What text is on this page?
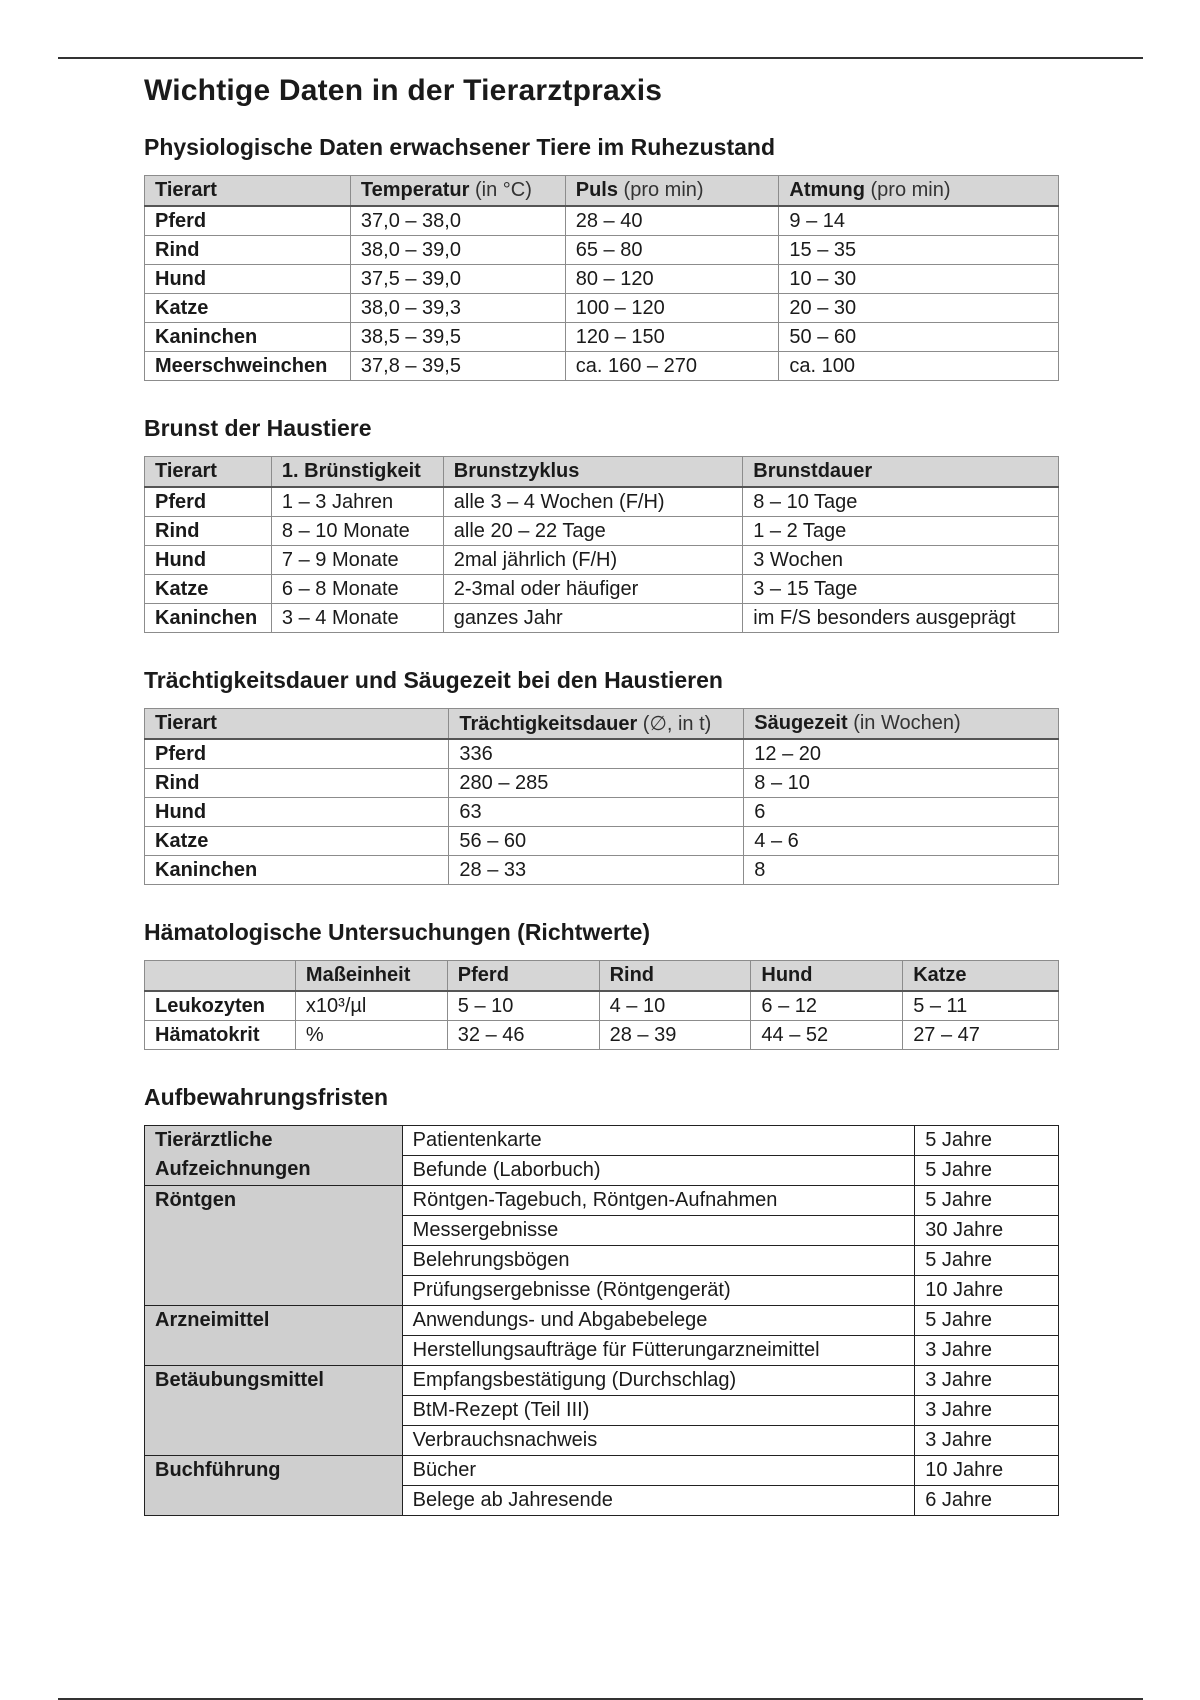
Wichtige Daten in der Tierarztpraxis
Physiologische Daten erwachsener Tiere im Ruhezustand
Tierart	Temperatur (in °C)	Puls (pro min)	Atmung (pro min)
Pferd	37,0 – 38,0	28 – 40	9 – 14
Rind	38,0 – 39,0	65 – 80	15 – 35
Hund	37,5 – 39,0	80 – 120	10 – 30
Katze	38,0 – 39,3	100 – 120	20 – 30
Kaninchen	38,5 – 39,5	120 – 150	50 – 60
Meerschweinchen	37,8 – 39,5	ca. 160 – 270	ca. 100
Brunst der Haustiere
Tierart	1. Brünstigkeit	Brunstzyklus	Brunstdauer
Pferd	1 – 3 Jahren	alle 3 – 4 Wochen (F/H)	8 – 10 Tage
Rind	8 – 10 Monate	alle 20 – 22 Tage	1 – 2 Tage
Hund	7 – 9 Monate	2mal jährlich (F/H)	3 Wochen
Katze	6 – 8 Monate	2-3mal oder häufiger	3 – 15 Tage
Kaninchen	3 – 4 Monate	ganzes Jahr	im F/S besonders ausgeprägt
Trächtigkeitsdauer und Säugezeit bei den Haustieren
Tierart	Trächtigkeitsdauer (∅, in t)	Säugezeit (in Wochen)
Pferd	336	12 – 20
Rind	280 – 285	8 – 10
Hund	63	6
Katze	56 – 60	4 – 6
Kaninchen	28 – 33	8
Hämatologische Untersuchungen (Richtwerte)
	Maßeinheit	Pferd	Rind	Hund	Katze
Leukozyten	x10³/µl	5 – 10	4 – 10	6 – 12	5 – 11
Hämatokrit	%	32 – 46	28 – 39	44 – 52	27 – 47
Aufbewahrungsfristen
Tierärztliche Aufzeichnungen	Patientenkarte	5 Jahre
	Befunde (Laborbuch)	5 Jahre
Röntgen	Röntgen-Tagebuch, Röntgen-Aufnahmen	5 Jahre
	Messergebnisse	30 Jahre
	Belehrungsbögen	5 Jahre
	Prüfungsergebnisse (Röntgengerät)	10 Jahre
Arzneimittel	Anwendungs- und Abgabebelege	5 Jahre
	Herstellungsaufträge für Fütterungarzneimittel	3 Jahre
Betäubungsmittel	Empfangsbestätigung (Durchschlag)	3 Jahre
	BtM-Rezept (Teil III)	3 Jahre
	Verbrauchsnachweis	3 Jahre
Buchführung	Bücher	10 Jahre
	Belege ab Jahresende	6 Jahre
